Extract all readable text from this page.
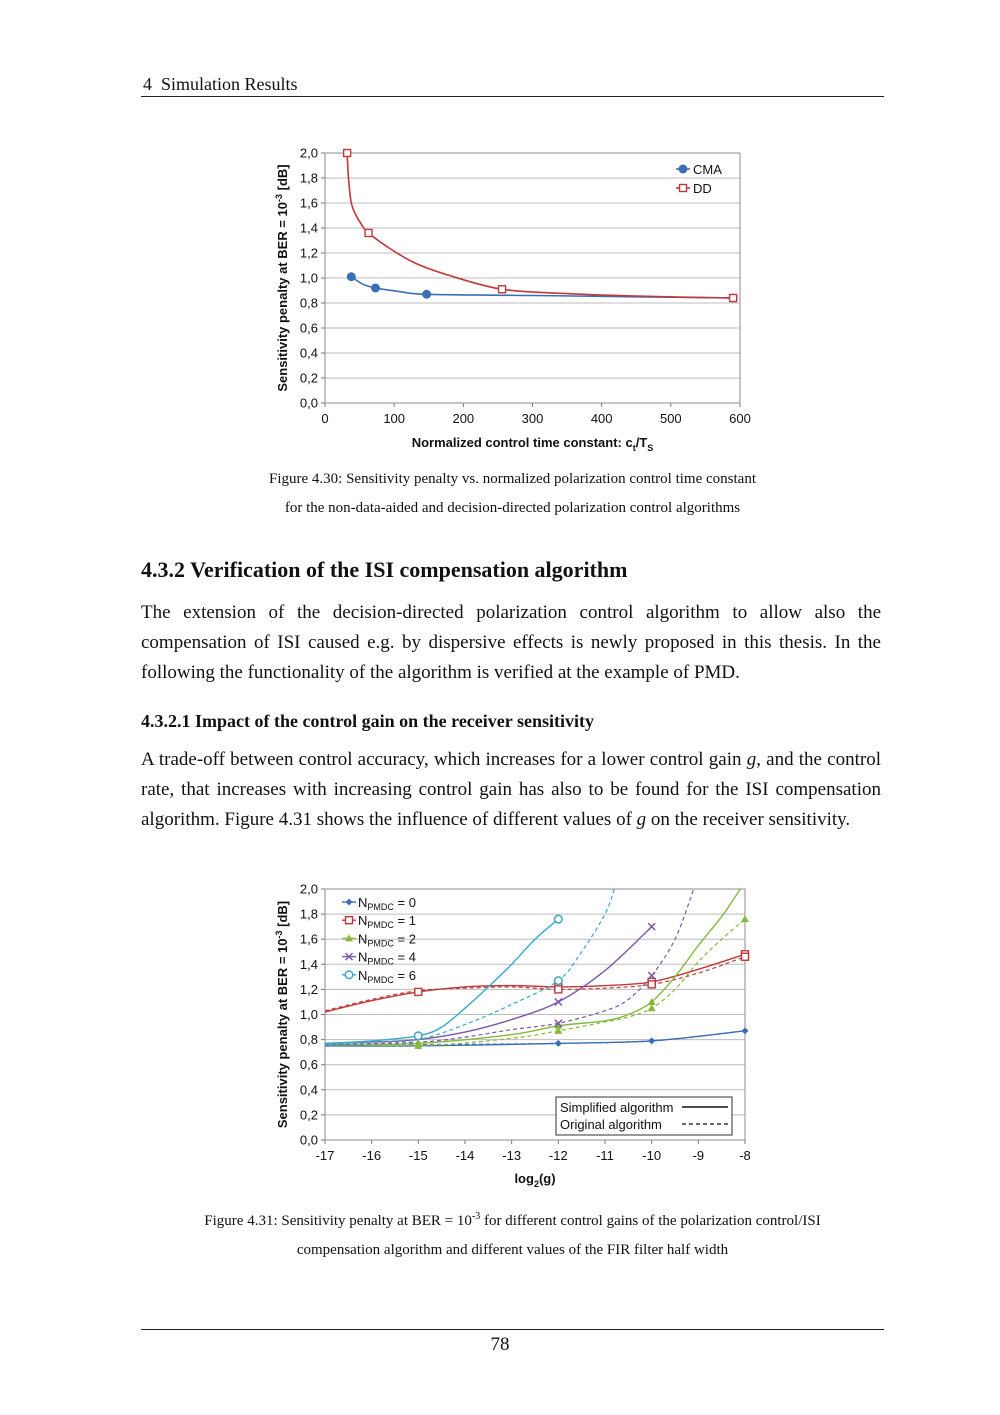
4 Simulation Results
0,0
0,2
0,4
0,6
0,8
1,0
1,2
1,4
1,6
1,8
2,0
0	100	200	300	400	500	600
Sensitivity penalty at BER = $10^{-3}$ [dB]
Normalized control time constant: $c_t/T_S$
CMA
DD
Figure 4.30: Sensitivity penalty vs. normalized polarization control time constant
for the non-data-aided and decision-directed polarization control algorithms
4.3.2 Verification of the ISI compensation algorithm

The extension of the decision-directed polarization control algorithm to allow also the compensation of ISI caused e.g. by dispersive effects is newly proposed in this thesis. In the following the functionality of the algorithm is verified at the example of PMD.

4.3.2.1 Impact of the control gain on the receiver sensitivity

A trade-off between control accuracy, which increases for a lower control gain g, and the control rate, that increases with increasing control gain has also to be found for the ISI compensation algorithm. Figure 4.31 shows the influence of different values of g on the receiver sensitivity.

0,0
0,2
0,4
0,6
0,8
1,0
1,2
1,4
1,6
1,8
2,0
-17 -16 -15 -14 -13 -12 -11 -10 -9	-8
Sensitivity penalty at BER = $10^{-3}$ [dB]
$\log_2(g)$
$N_{PMDC} = 0$
$N_{PMDC} = 1$
$N_{PMDC} = 2$
$N_{PMDC} = 4$
$N_{PMDC} = 6$
Simplified algorithm
Original algorithm
Figure 4.31: Sensitivity penalty at BER = $10^{-3}$ for different control gains of the polarization control/ISI
compensation algorithm and different values of the FIR filter half width
78
